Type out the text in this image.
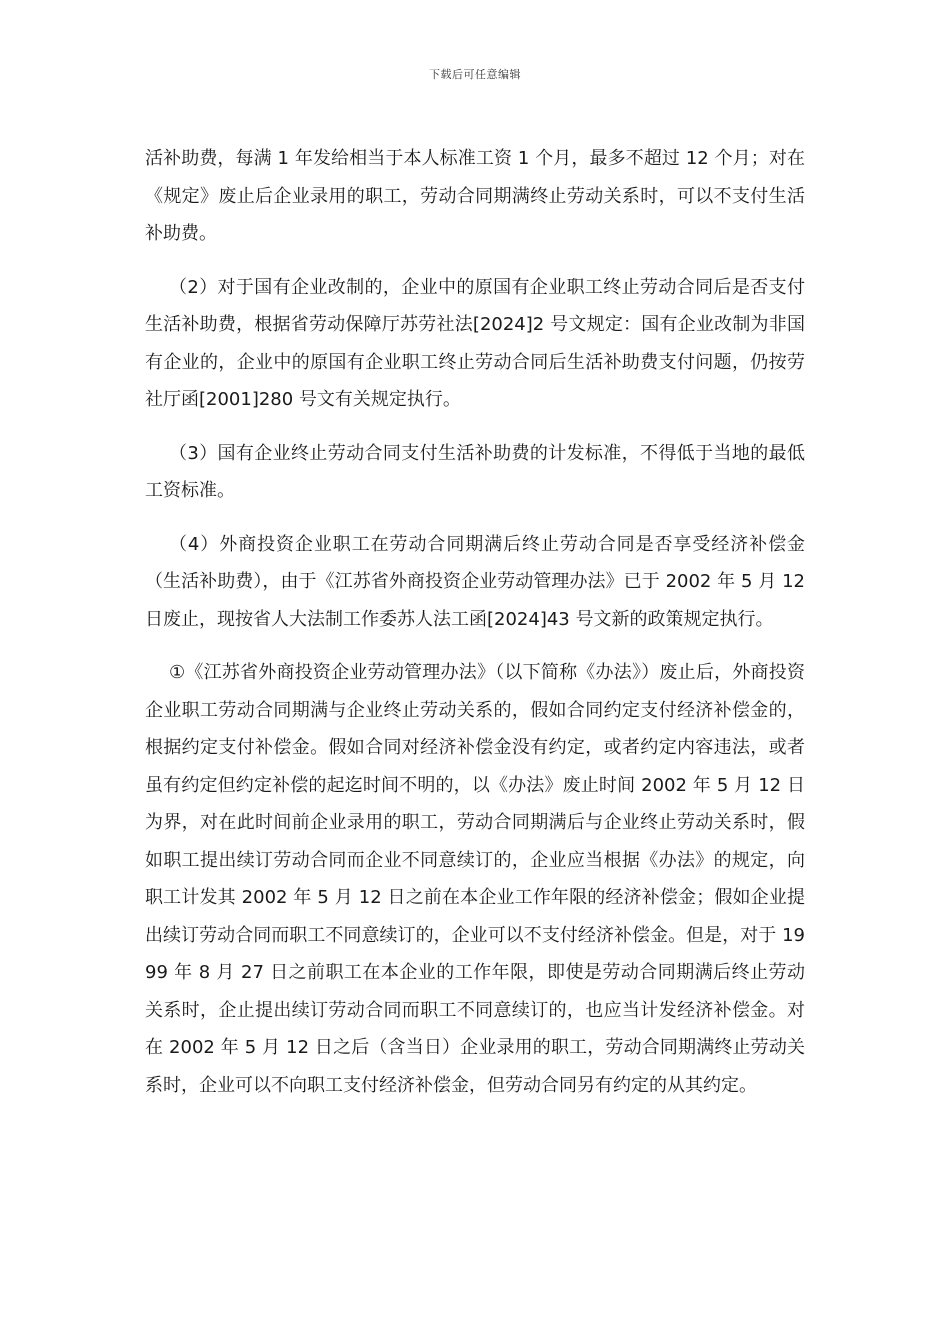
下载后可任意编辑

活补助费，每满 1 年发给相当于本人标准工资 1 个月，最多不超过 12 个月；对在《规定》废止后企业录用的职工，劳动合同期满终止劳动关系时，可以不支付生活补助费。

（2）对于国有企业改制的，企业中的原国有企业职工终止劳动合同后是否支付生活补助费，根据省劳动保障厅苏劳社法[2024]2 号文规定：国有企业改制为非国有企业的，企业中的原国有企业职工终止劳动合同后生活补助费支付问题，仍按劳社厅函[2001]280 号文有关规定执行。

（3）国有企业终止劳动合同支付生活补助费的计发标准，不得低于当地的最低工资标准。

（4）外商投资企业职工在劳动合同期满后终止劳动合同是否享受经济补偿金（生活补助费），由于《江苏省外商投资企业劳动管理办法》已于 2002 年 5 月 12 日废止，现按省人大法制工作委苏人法工函[2024]43 号文新的政策规定执行。

①《江苏省外商投资企业劳动管理办法》（以下简称《办法》）废止后，外商投资企业职工劳动合同期满与企业终止劳动关系的，假如合同约定支付经济补偿金的，根据约定支付补偿金。假如合同对经济补偿金没有约定，或者约定内容违法，或者虽有约定但约定补偿的起迄时间不明的，以《办法》废止时间 2002 年 5 月 12 日为界，对在此时间前企业录用的职工，劳动合同期满后与企业终止劳动关系时，假如职工提出续订劳动合同而企业不同意续订的，企业应当根据《办法》的规定，向职工计发其 2002 年 5 月 12 日之前在本企业工作年限的经济补偿金；假如企业提出续订劳动合同而职工不同意续订的，企业可以不支付经济补偿金。但是，对于 1999 年 8 月 27 日之前职工在本企业的工作年限，即使是劳动合同期满后终止劳动关系时，企止提出续订劳动合同而职工不同意续订的，也应当计发经济补偿金。对在 2002 年 5 月 12 日之后（含当日）企业录用的职工，劳动合同期满终止劳动关系时，企业可以不向职工支付经济补偿金，但劳动合同另有约定的从其约定。
